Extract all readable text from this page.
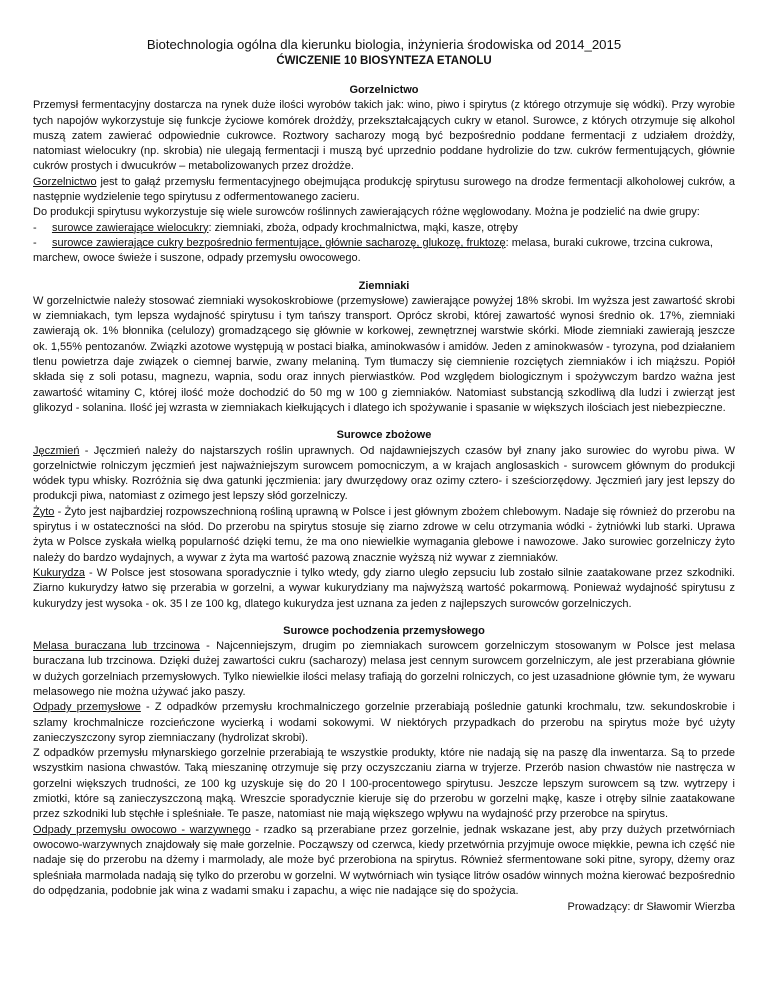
Biotechnologia ogólna dla kierunku biologia, inżynieria środowiska od 2014_2015
ĆWICZENIE 10 BIOSYNTEZA ETANOLU
Gorzelnictwo

Przemysł fermentacyjny dostarcza na rynek duże ilości wyrobów takich jak: wino, piwo i spirytus (z którego otrzymuje się wódki). Przy wyrobie tych napojów wykorzystuje się funkcje życiowe komórek drożdży, przekształcających cukry w etanol. Surowce, z których otrzymuje się alkohol muszą zatem zawierać odpowiednie cukrowce. Roztwory sacharozy mogą być bezpośrednio poddane fermentacji z udziałem drożdży, natomiast wielocukry (np. skrobia) nie ulegają fermentacji i muszą być uprzednio poddane hydrolizie do tzw. cukrów fermentujących, głównie cukrów prostych i dwucukrów – metabolizowanych przez drożdże.

Gorzelnictwo jest to gałąź przemysłu fermentacyjnego obejmująca produkcję spirytusu surowego na drodze fermentacji alkoholowej cukrów, a następnie wydzielenie tego spirytusu z odfermentowanego zacieru.

Do produkcji spirytusu wykorzystuje się wiele surowców roślinnych zawierających różne węglowodany. Można je podzielić na dwie grupy:

-     surowce zawierające wielocukry: ziemniaki, zboża, odpady krochmalnictwa, mąki, kasze, otręby

-     surowce zawierające cukry bezpośrednio fermentujące, głównie sacharozę, glukozę, fruktozę: melasa, buraki cukrowe, trzcina cukrowa, marchew, owoce świeże i suszone, odpady przemysłu owocowego.

Ziemniaki

W gorzelnictwie należy stosować ziemniaki wysokoskrobiowe (przemysłowe) zawierające powyżej 18% skrobi. Im wyższa jest zawartość skrobi w ziemniakach, tym lepsza wydajność spirytusu i tym tańszy transport. Oprócz skrobi, której zawartość wynosi średnio ok. 17%, ziemniaki zawierają ok. 1% błonnika (celulozy) gromadzącego się głównie w korkowej, zewnętrznej warstwie skórki. Młode ziemniaki zawierają jeszcze ok. 1,55% pentozanów. Związki azotowe występują w postaci białka, aminokwasów i amidów. Jeden z aminokwasów - tyrozyna, pod działaniem tlenu powietrza daje związek o ciemnej barwie, zwany melaniną. Tym tłumaczy się ciemnienie rozciętych ziemniaków i ich miąższu. Popiół składa się z soli potasu, magnezu, wapnia, sodu oraz innych pierwiastków. Pod względem biologicznym i spożywczym bardzo ważna jest zawartość witaminy C, której ilość może dochodzić do 50 mg w 100 g ziemniaków. Natomiast substancją szkodliwą dla ludzi i zwierząt jest glikozyd - solanina. Ilość jej wzrasta w ziemniakach kiełkujących i dlatego ich spożywanie i spasanie w większych ilościach jest niebezpieczne.

Surowce zbożowe

Jęczmień - Jęczmień należy do najstarszych roślin uprawnych. Od najdawniejszych czasów był znany jako surowiec do wyrobu piwa. W gorzelnictwie rolniczym jęczmień jest najważniejszym surowcem pomocniczym, a w krajach anglosaskich - surowcem głównym do produkcji wódek typu whisky. Rozróżnia się dwa gatunki jęczmienia: jary dwurzędowy oraz ozimy cztero- i sześciorzędowy. Jęczmień jary jest lepszy do produkcji piwa, natomiast z ozimego jest lepszy słód gorzelniczy.

Żyto - Żyto jest najbardziej rozpowszechnioną rośliną uprawną w Polsce i jest głównym zbożem chlebowym. Nadaje się również do przerobu na spirytus i w ostateczności na słód. Do przerobu na spirytus stosuje się ziarno zdrowe w celu otrzymania wódki - żytniówki lub starki. Uprawa żyta w Polsce zyskała wielką popularność dzięki temu, że ma ono niewielkie wymagania glebowe i nawozowe. Jako surowiec gorzelniczy żyto należy do bardzo wydajnych, a wywar z żyta ma wartość pazową znacznie wyższą niż wywar z ziemniaków.

Kukurydza - W Polsce jest stosowana sporadycznie i tylko wtedy, gdy ziarno uległo zepsuciu lub zostało silnie zaatakowane przez szkodniki. Ziarno kukurydzy łatwo się przerabia w gorzelni, a wywar kukurydziany ma najwyższą wartość pokarmową. Ponieważ wydajność spirytusu z kukurydzy jest wysoka - ok. 35 l ze 100 kg, dlatego kukurydza jest uznana za jeden z najlepszych surowców gorzelniczych.

Surowce pochodzenia przemysłowego

Melasa buraczana lub trzcinowa - Najcenniejszym, drugim po ziemniakach surowcem gorzelniczym stosowanym w Polsce jest melasa buraczana lub trzcinowa. Dzięki dużej zawartości cukru (sacharozy) melasa jest cennym surowcem gorzelniczym, ale jest przerabiana głównie w dużych gorzelniach przemysłowych. Tylko niewielkie ilości melasy trafiają do gorzelni rolniczych, co jest uzasadnione głównie tym, że wywaru melasowego nie można używać jako paszy.

Odpady przemysłowe - Z odpadków przemysłu krochmalniczego gorzelnie przerabiają poślednie gatunki krochmalu, tzw. sekundoskrobie i szlamy krochmalnicze rozcieńczone wycierką i wodami sokowymi. W niektórych przypadkach do przerobu na spirytus może być użyty zanieczyszczony syrop ziemniaczany (hydrolizat skrobi).

Z odpadków przemysłu młynarskiego gorzelnie przerabiają te wszystkie produkty, które nie nadają się na paszę dla inwentarza. Są to przede wszystkim nasiona chwastów. Taką mieszaninę otrzymuje się przy oczyszczaniu ziarna w tryjerze. Przerób nasion chwastów nie nastręcza w gorzelni większych trudności, ze 100 kg uzyskuje się do 20 l 100-procentowego spirytusu. Jeszcze lepszym surowcem są tzw. wytrzepy i zmiotki, które są zanieczyszczoną mąką. Wreszcie sporadycznie kieruje się do przerobu w gorzelni mąkę, kasze i otręby silnie zaatakowane przez szkodniki lub stęchłe i spleśniałe. Te pasze, natomiast nie mają większego wpływu na wydajność przy przerobce na spirytus.

Odpady przemysłu owocowo - warzywnego - rzadko są przerabiane przez gorzelnie, jednak wskazane jest, aby przy dużych przetwórniach owocowo-warzywnych znajdowały się małe gorzelnie. Począwszy od czerwca, kiedy przetwórnia przyjmuje owoce miękkie, pewna ich część nie nadaje się do przerobu na dżemy i marmolady, ale może być przerobiona na spirytus. Również sfermentowane soki pitne, syropy, dżemy oraz spleśniała marmolada nadają się tylko do przerobu w gorzelni. W wytwórniach win tysiące litrów osadów winnych można kierować bezpośrednio do odpędzania, podobnie jak wina z wadami smaku i zapachu, a więc nie nadające się do spożycia.

Prowadzący: dr Sławomir Wierzba
